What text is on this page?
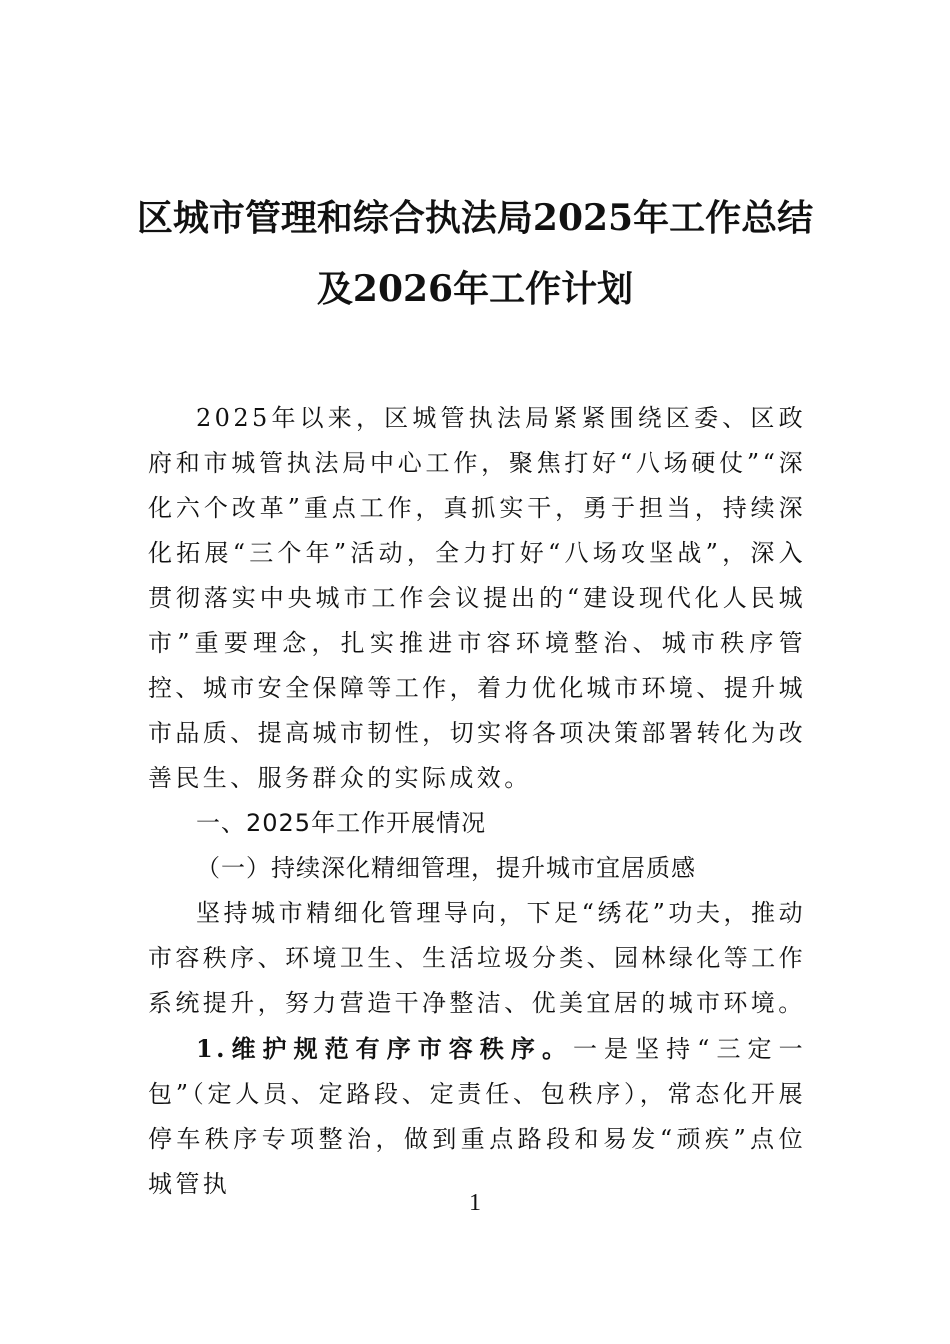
区城市管理和综合执法局2025年工作总结
及2026年工作计划

2025年以来，区城管执法局紧紧围绕区委、区政府和市城管执法局中心工作，聚焦打好“八场硬仗”“深化六个改革”重点工作，真抓实干，勇于担当，持续深化拓展“三个年”活动，全力打好“八场攻坚战”，深入贯彻落实中央城市工作会议提出的“建设现代化人民城市”重要理念，扎实推进市容环境整治、城市秩序管控、城市安全保障等工作，着力优化城市环境、提升城市品质、提高城市韧性，切实将各项决策部署转化为改善民生、服务群众的实际成效。

一、2025年工作开展情况

（一）持续深化精细管理，提升城市宜居质感

坚持城市精细化管理导向，下足“绣花”功夫，推动市容秩序、环境卫生、生活垃圾分类、园林绿化等工作系统提升，努力营造干净整洁、优美宜居的城市环境。

1.维护规范有序市容秩序。一是坚持“三定一包”（定人员、定路段、定责任、包秩序），常态化开展停车秩序专项整治，做到重点路段和易发“顽疾”点位城管执

1
